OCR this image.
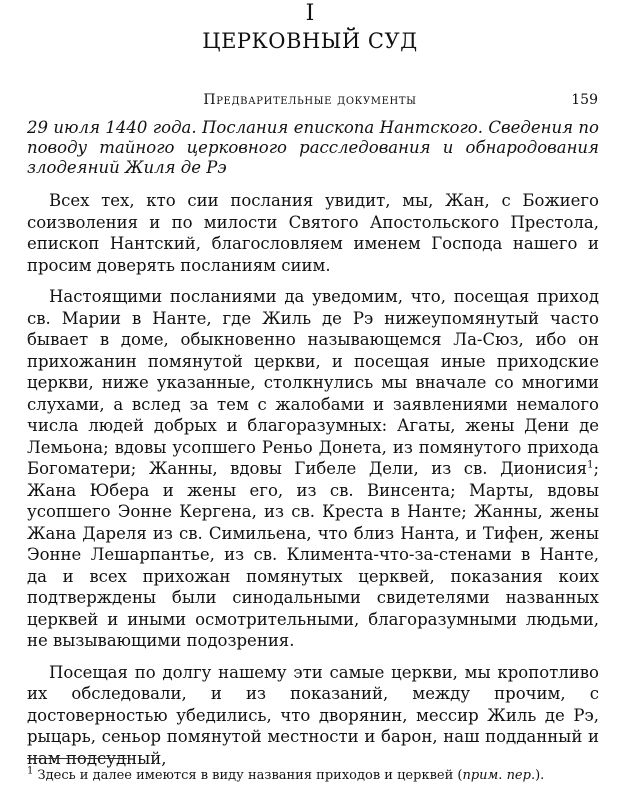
I
ЦЕРКОВНЫЙ СУД
Предварительные документы	159
29 июля 1440 года. Послания епископа Нантского. Сведения по поводу тайного церковного расследования и обнародования злодеяний Жиля де Рэ

Всех тех, кто сии послания увидит, мы, Жан, с Божиего соизволения и по милости Святого Апостольского Престола, епископ Нантский, благословляем именем Господа нашего и просим доверять посланиям сиим.

Настоящими посланиями да уведомим, что, посещая приход св. Марии в Нанте, где Жиль де Рэ нижеупомянутый часто бывает в доме, обыкновенно называющемся Ла-Сюз, ибо он прихожанин помянутой церкви, и посещая иные приходские церкви, ниже указанные, столкнулись мы вначале со многими слухами, а вслед за тем с жалобами и заявлениями немалого числа людей добрых и благоразумных: Агаты, жены Дени де Лемьона; вдовы усопшего Реньо Донета, из помянутого прихода Богоматери; Жанны, вдовы Гибеле Дели, из св. Дионисия$^1$; Жана Юбера и жены его, из св. Винсента; Марты, вдовы усопшего Эонне Кергена, из св. Креста в Нанте; Жанны, жены Жана Дареля из св. Симильена, что близ Нанта, и Тифен, жены Эонне Лешарпантье, из св. Климента-что-за-стенами в Нанте, да и всех прихожан помянутых церквей, показания коих подтверждены были синодальными свидетелями названных церквей и иными осмотрительными, благоразумными людьми, не вызывающими подозрения.

Посещая по долгу нашему эти самые церкви, мы кропотливо их обследовали, и из показаний, между прочим, с достоверностью убедились, что дворянин, мессир Жиль де Рэ, рыцарь, сеньор помянутой местности и барон, наш подданный и нам подсудный,

$^1$ Здесь и далее имеются в виду названия приходов и церквей (прим. пер.).
